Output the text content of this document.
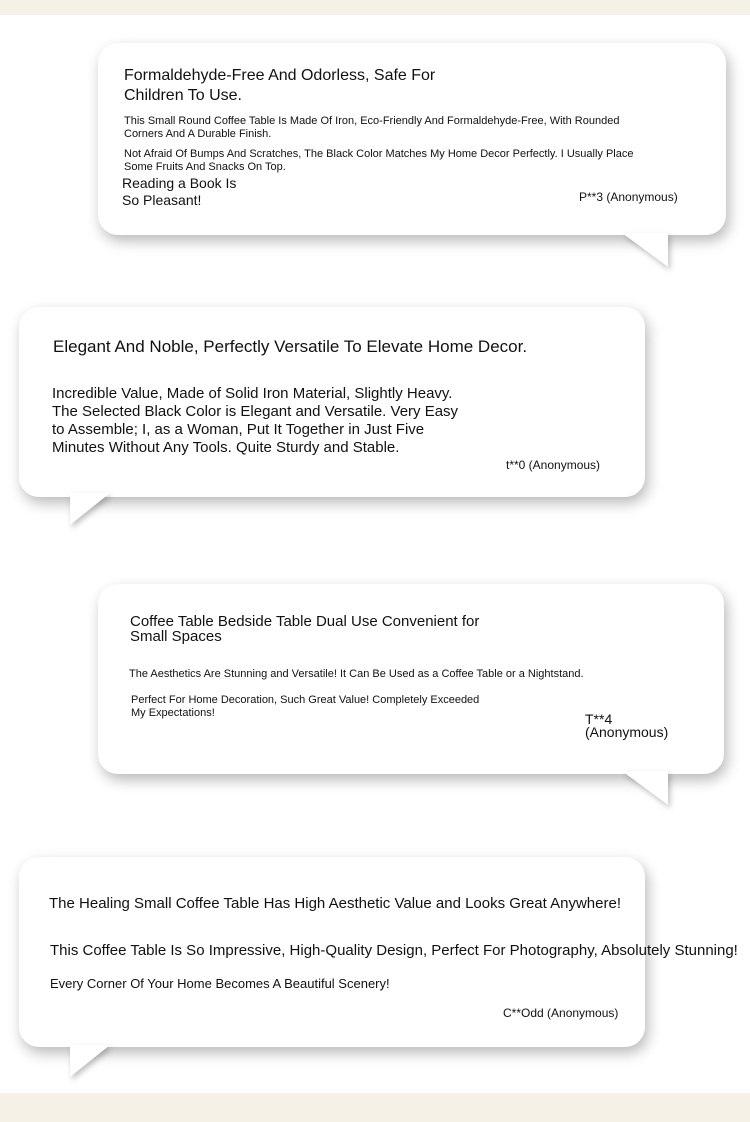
Formaldehyde-Free And Odorless, Safe For
Children To Use.

This Small Round Coffee Table Is Made Of Iron, Eco-Friendly And Formaldehyde-Free, With Rounded
Corners And A Durable Finish.

Not Afraid Of Bumps And Scratches, The Black Color Matches My Home Decor Perfectly. I Usually Place
Some Fruits And Snacks On Top.

Reading a Book Is
So Pleasant!	P**3 (Anonymous)

Elegant And Noble, Perfectly Versatile To Elevate Home Decor.

Incredible Value, Made of Solid Iron Material, Slightly Heavy.
The Selected Black Color is Elegant and Versatile. Very Easy
to Assemble; I, as a Woman, Put It Together in Just Five
Minutes Without Any Tools. Quite Sturdy and Stable.

t**0 (Anonymous)

Coffee Table Bedside Table Dual Use Convenient for
Small Spaces

The Aesthetics Are Stunning and Versatile! It Can Be Used as a Coffee Table or a Nightstand.

Perfect For Home Decoration, Such Great Value! Completely Exceeded
My Expectations!	T**4
(Anonymous)

The Healing Small Coffee Table Has High Aesthetic Value and Looks Great Anywhere!

This Coffee Table Is So Impressive, High-Quality Design, Perfect For Photography, Absolutely Stunning!

Every Corner Of Your Home Becomes A Beautiful Scenery!

C**Odd (Anonymous)
